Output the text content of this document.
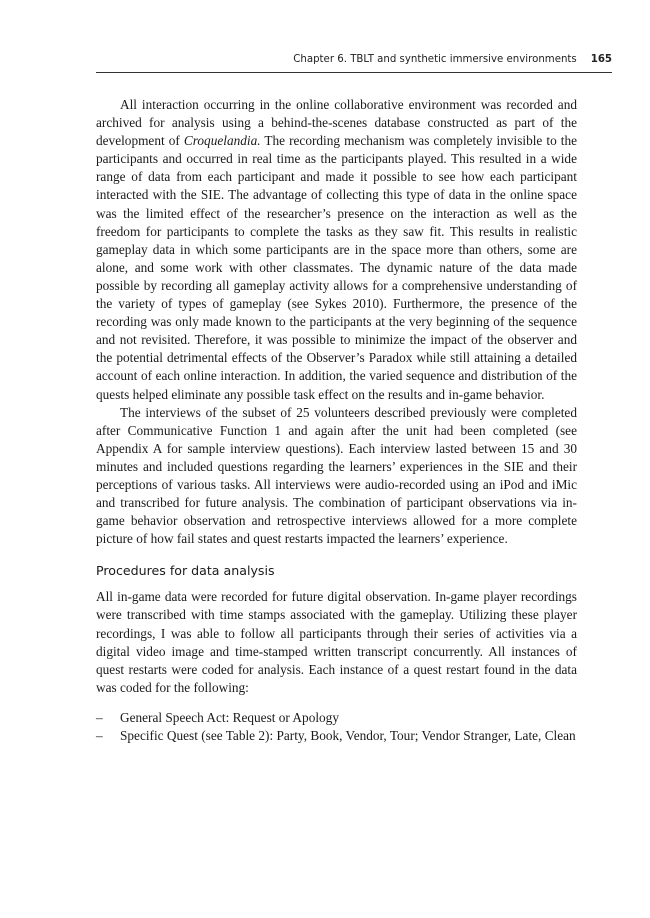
Chapter 6. TBLT and synthetic immersive environments 165

All interaction occurring in the online collaborative environment was recorded and archived for analysis using a behind-the-scenes database constructed as part of the development of Croquelandia. The recording mechanism was completely invisible to the participants and occurred in real time as the participants played. This resulted in a wide range of data from each participant and made it possible to see how each participant interacted with the SIE. The advantage of collecting this type of data in the online space was the limited effect of the researcher’s presence on the interaction as well as the freedom for participants to complete the tasks as they saw fit. This results in realistic gameplay data in which some participants are in the space more than others, some are alone, and some work with other classmates. The dynamic nature of the data made possible by recording all gameplay activity allows for a comprehensive understanding of the variety of types of gameplay (see Sykes 2010). Furthermore, the presence of the recording was only made known to the participants at the very beginning of the sequence and not revisited. Therefore, it was possible to minimize the impact of the observer and the potential detrimental effects of the Observer’s Paradox while still attaining a detailed account of each online interaction. In addition, the varied sequence and distribution of the quests helped eliminate any possible task effect on the results and in-game behavior.

The interviews of the subset of 25 volunteers described previously were completed after Communicative Function 1 and again after the unit had been completed (see Appendix A for sample interview questions). Each interview lasted between 15 and 30 minutes and included questions regarding the learners’ experiences in the SIE and their perceptions of various tasks. All interviews were audio-recorded using an iPod and iMic and transcribed for future analysis. The combination of participant observations via in-game behavior observation and retrospective interviews allowed for a more complete picture of how fail states and quest restarts impacted the learners’ experience.

Procedures for data analysis

All in-game data were recorded for future digital observation. In-game player recordings were transcribed with time stamps associated with the gameplay. Utilizing these player recordings, I was able to follow all participants through their series of activities via a digital video image and time-stamped written transcript concurrently. All instances of quest restarts were coded for analysis. Each instance of a quest restart found in the data was coded for the following:

– General Speech Act: Request or Apology
– Specific Quest (see Table 2): Party, Book, Vendor, Tour; Vendor Stranger, Late, Clean
